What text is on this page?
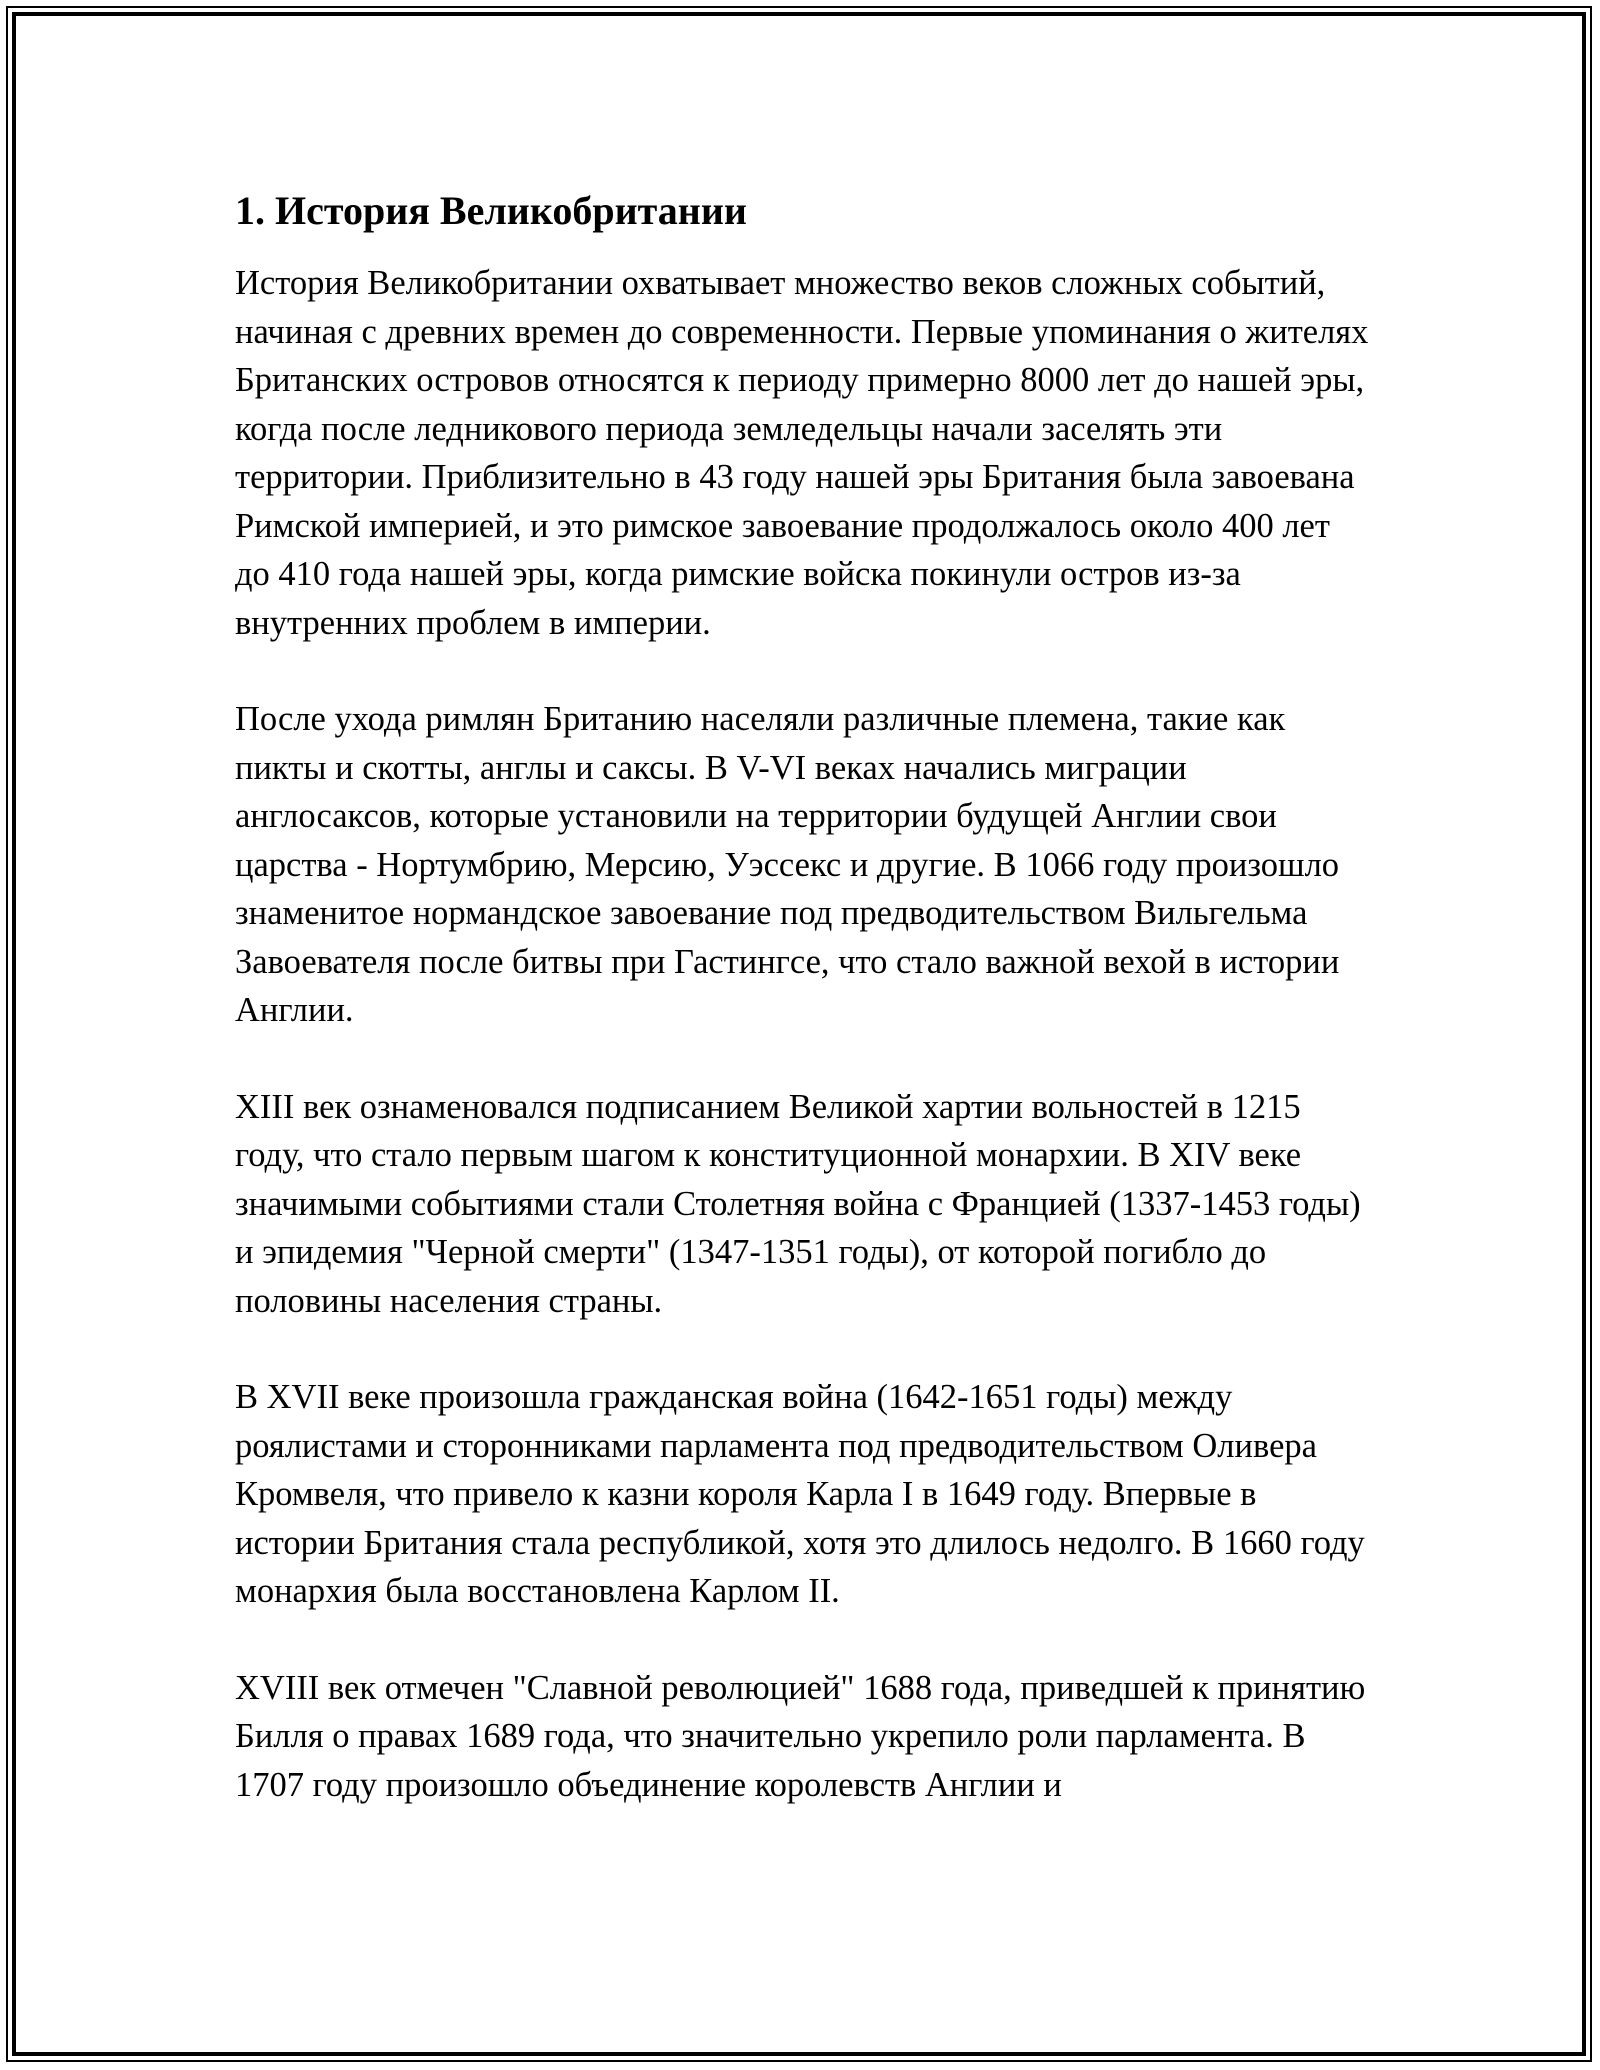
1. История Великобритании

История Великобритании охватывает множество веков сложных событий, начиная с древних времен до современности. Первые упоминания о жителях Британских островов относятся к периоду примерно 8000 лет до нашей эры, когда после ледникового периода земледельцы начали заселять эти территории. Приблизительно в 43 году нашей эры Британия была завоевана Римской империей, и это римское завоевание продолжалось около 400 лет до 410 года нашей эры, когда римские войска покинули остров из-за внутренних проблем в империи.

После ухода римлян Британию населяли различные племена, такие как пикты и скотты, англы и саксы. В V-VI веках начались миграции англосаксов, которые установили на территории будущей Англии свои царства - Нортумбрию, Мерсию, Уэссекс и другие. В 1066 году произошло знаменитое нормандское завоевание под предводительством Вильгельма Завоевателя после битвы при Гастингсе, что стало важной вехой в истории Англии.

XIII век ознаменовался подписанием Великой хартии вольностей в 1215 году, что стало первым шагом к конституционной монархии. В XIV веке значимыми событиями стали Столетняя война с Францией (1337-1453 годы) и эпидемия "Черной смерти" (1347-1351 годы), от которой погибло до половины населения страны.

В XVII веке произошла гражданская война (1642-1651 годы) между роялистами и сторонниками парламента под предводительством Оливера Кромвеля, что привело к казни короля Карла I в 1649 году. Впервые в истории Британия стала республикой, хотя это длилось недолго. В 1660 году монархия была восстановлена Карлом II.

XVIII век отмечен "Славной революцией" 1688 года, приведшей к принятию Билля о правах 1689 года, что значительно укрепило роли парламента. В 1707 году произошло объединение королевств Англии и
